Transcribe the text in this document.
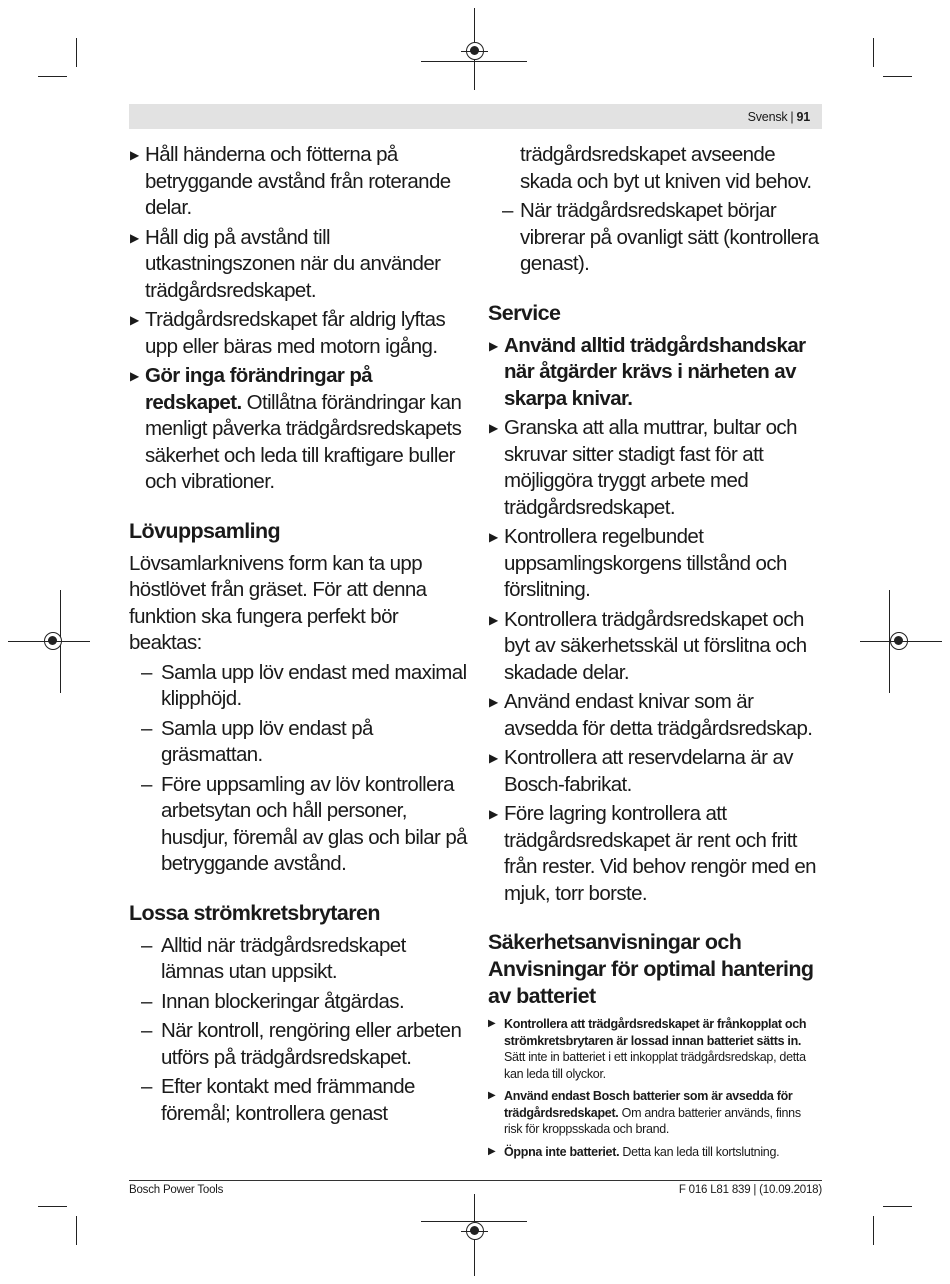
Svensk | 91
▶ Håll händerna och fötterna på betryggande avstånd från roterande delar.
▶ Håll dig på avstånd till utkastningszonen när du använder trädgårdsredskapet.
▶ Trädgårdsredskapet får aldrig lyftas upp eller bäras med motorn igång.
▶ Gör inga förändringar på redskapet. Otillåtna förändringar kan menligt påverka trädgårdsredskapets säkerhet och leda till kraftigare buller och vibrationer.
Lövuppsamling

Lövsamlarknivens form kan ta upp höstlövet från gräset. För att denna funktion ska fungera perfekt bör beaktas:

– Samla upp löv endast med maximal klipphöjd.
– Samla upp löv endast på gräsmattan.
– Före uppsamling av löv kontrollera arbetsytan och håll personer, husdjur, föremål av glas och bilar på betryggande avstånd.
Lossa strömkretsbrytaren
– Alltid när trädgårdsredskapet lämnas utan uppsikt.
– Innan blockeringar åtgärdas.
– När kontroll, rengöring eller arbeten utförs på trädgårdsredskapet.
– Efter kontakt med främmande föremål; kontrollera genast
trädgårdsredskapet avseende skada och byt ut kniven vid behov.
– När trädgårdsredskapet börjar vibrerar på ovanligt sätt (kontrollera genast).
Service
▶ Använd alltid trädgårdshandskar när åtgärder krävs i närheten av skarpa knivar.
▶ Granska att alla muttrar, bultar och skruvar sitter stadigt fast för att möjliggöra tryggt arbete med trädgårdsredskapet.
▶ Kontrollera regelbundet uppsamlingskorgens tillstånd och förslitning.
▶ Kontrollera trädgårdsredskapet och byt av säkerhetsskäl ut förslitna och skadade delar.
▶ Använd endast knivar som är avsedda för detta trädgårdsredskap.
▶ Kontrollera att reservdelarna är av Bosch-fabrikat.
▶ Före lagring kontrollera att trädgårdsredskapet är rent och fritt från rester. Vid behov rengör med en mjuk, torr borste.
Säkerhetsanvisningar och Anvisningar för optimal hantering av batteriet
▶ Kontrollera att trädgårdsredskapet är frånkopplat och strömkretsbrytaren är lossad innan batteriet sätts in. Sätt inte in batteriet i ett inkopplat trädgårdsredskap, detta kan leda till olyckor.
▶ Använd endast Bosch batterier som är avsedda för trädgårdsredskapet. Om andra batterier används, finns risk för kroppsskada och brand.
▶ Öppna inte batteriet. Detta kan leda till kortslutning.
Bosch Power Tools	F 016 L81 839 | (10.09.2018)
